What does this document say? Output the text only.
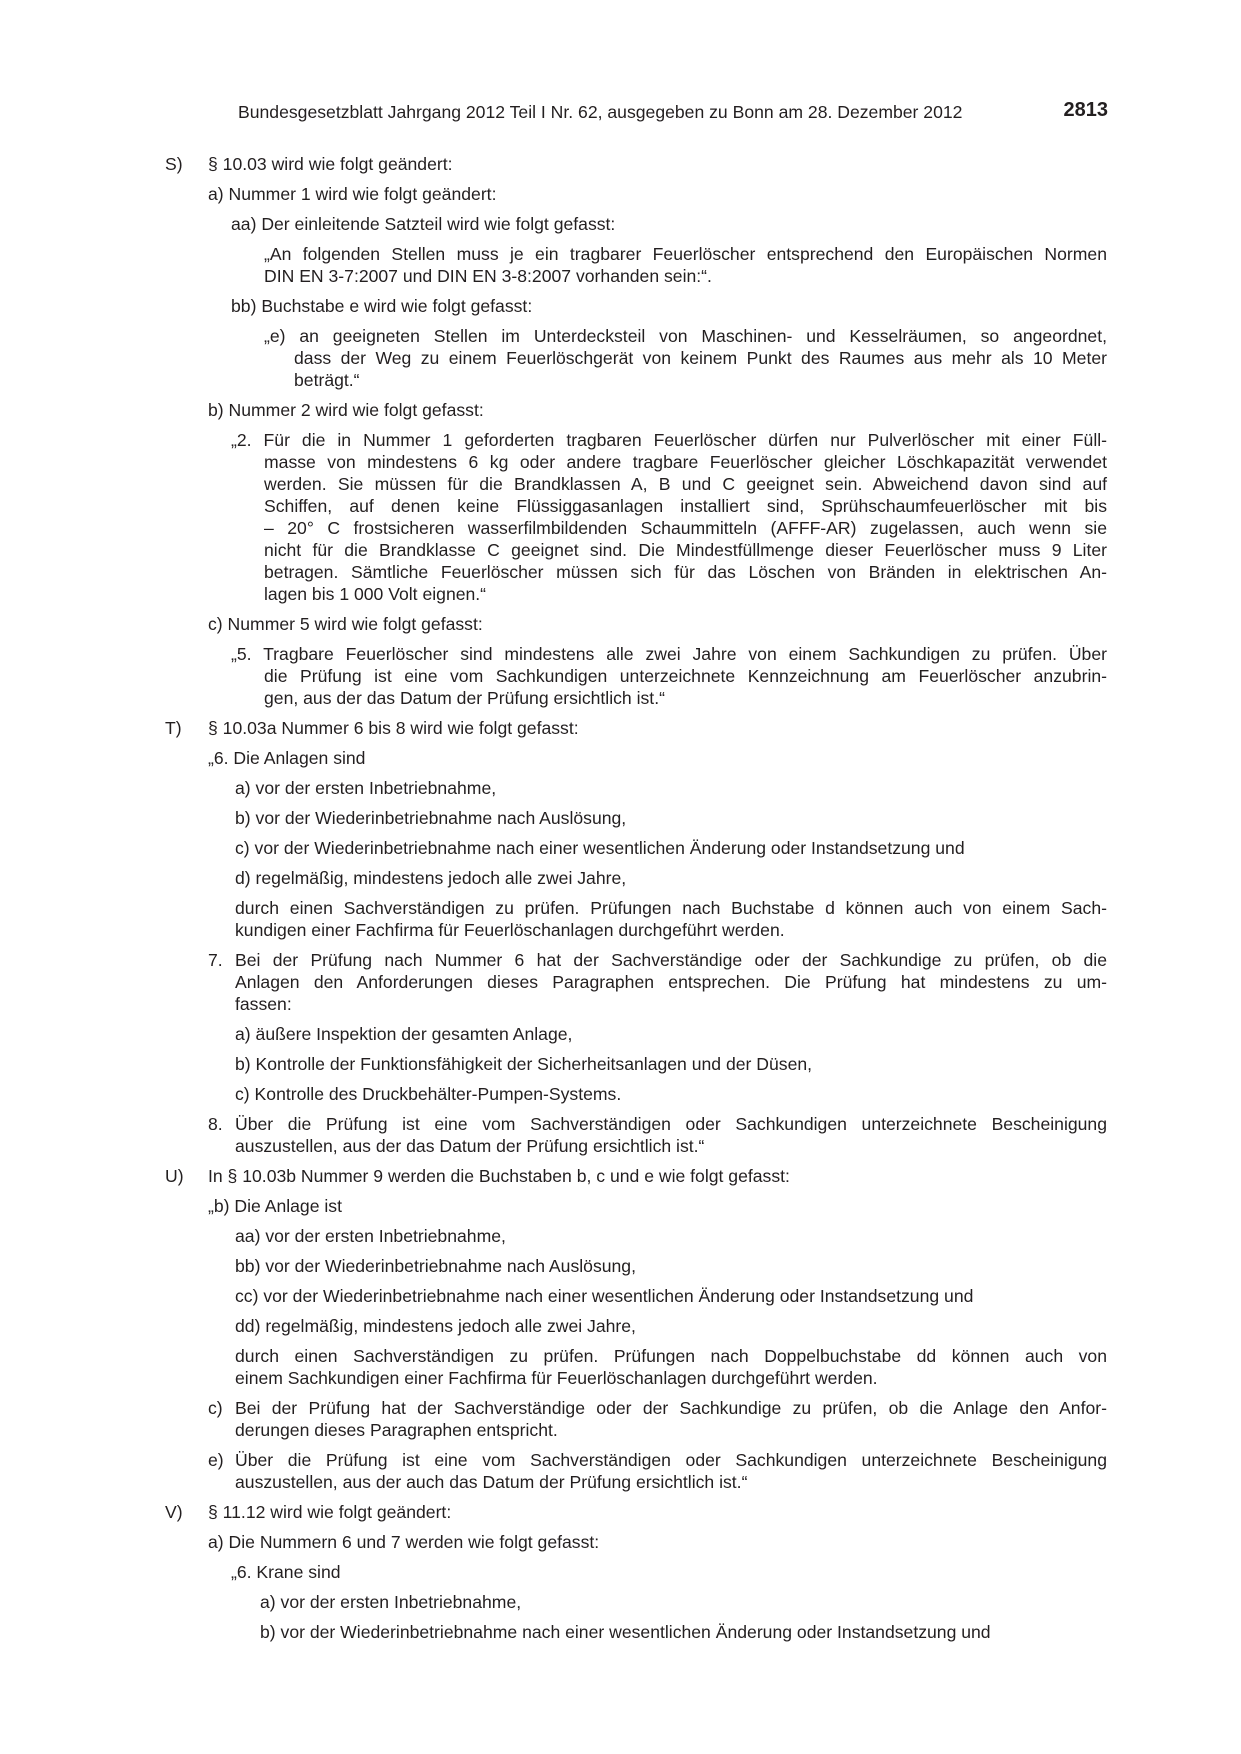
Bundesgesetzblatt Jahrgang 2012 Teil I Nr. 62, ausgegeben zu Bonn am 28. Dezember 2012	2813
S) § 10.03 wird wie folgt geändert:
a) Nummer 1 wird wie folgt geändert:
aa) Der einleitende Satzteil wird wie folgt gefasst:
„An folgenden Stellen muss je ein tragbarer Feuerlöscher entsprechend den Europäischen Normen
DIN EN 3-7:2007 und DIN EN 3-8:2007 vorhanden sein:“.
bb) Buchstabe e wird wie folgt gefasst:
„e) an geeigneten Stellen im Unterdecksteil von Maschinen- und Kesselräumen, so angeordnet,
dass der Weg zu einem Feuerlöschgerät von keinem Punkt des Raumes aus mehr als 10 Meter
beträgt.“
b) Nummer 2 wird wie folgt gefasst:
„2. Für die in Nummer 1 geforderten tragbaren Feuerlöscher dürfen nur Pulverlöscher mit einer Füll-
masse von mindestens 6 kg oder andere tragbare Feuerlöscher gleicher Löschkapazität verwendet
werden. Sie müssen für die Brandklassen A, B und C geeignet sein. Abweichend davon sind auf
Schiffen, auf denen keine Flüssiggasanlagen installiert sind, Sprühschaumfeuerlöscher mit bis
– 20° C frostsicheren wasserfilmbildenden Schaummitteln (AFFF-AR) zugelassen, auch wenn sie
nicht für die Brandklasse C geeignet sind. Die Mindestfüllmenge dieser Feuerlöscher muss 9 Liter
betragen. Sämtliche Feuerlöscher müssen sich für das Löschen von Bränden in elektrischen An-
lagen bis 1 000 Volt eignen.“
c) Nummer 5 wird wie folgt gefasst:
„5. Tragbare Feuerlöscher sind mindestens alle zwei Jahre von einem Sachkundigen zu prüfen. Über
die Prüfung ist eine vom Sachkundigen unterzeichnete Kennzeichnung am Feuerlöscher anzubrin-
gen, aus der das Datum der Prüfung ersichtlich ist.“
T) § 10.03a Nummer 6 bis 8 wird wie folgt gefasst:
„6. Die Anlagen sind
a) vor der ersten Inbetriebnahme,
b) vor der Wiederinbetriebnahme nach Auslösung,
c) vor der Wiederinbetriebnahme nach einer wesentlichen Änderung oder Instandsetzung und
d) regelmäßig, mindestens jedoch alle zwei Jahre,
durch einen Sachverständigen zu prüfen. Prüfungen nach Buchstabe d können auch von einem Sach-
kundigen einer Fachfirma für Feuerlöschanlagen durchgeführt werden.
7. Bei der Prüfung nach Nummer 6 hat der Sachverständige oder der Sachkundige zu prüfen, ob die
Anlagen den Anforderungen dieses Paragraphen entsprechen. Die Prüfung hat mindestens zu um-
fassen:
a) äußere Inspektion der gesamten Anlage,
b) Kontrolle der Funktionsfähigkeit der Sicherheitsanlagen und der Düsen,
c) Kontrolle des Druckbehälter-Pumpen-Systems.
8. Über die Prüfung ist eine vom Sachverständigen oder Sachkundigen unterzeichnete Bescheinigung
auszustellen, aus der das Datum der Prüfung ersichtlich ist.“
U) In § 10.03b Nummer 9 werden die Buchstaben b, c und e wie folgt gefasst:
„b) Die Anlage ist
aa) vor der ersten Inbetriebnahme,
bb) vor der Wiederinbetriebnahme nach Auslösung,
cc) vor der Wiederinbetriebnahme nach einer wesentlichen Änderung oder Instandsetzung und
dd) regelmäßig, mindestens jedoch alle zwei Jahre,
durch einen Sachverständigen zu prüfen. Prüfungen nach Doppelbuchstabe dd können auch von
einem Sachkundigen einer Fachfirma für Feuerlöschanlagen durchgeführt werden.
c) Bei der Prüfung hat der Sachverständige oder der Sachkundige zu prüfen, ob die Anlage den Anfor-
derungen dieses Paragraphen entspricht.
e) Über die Prüfung ist eine vom Sachverständigen oder Sachkundigen unterzeichnete Bescheinigung
auszustellen, aus der auch das Datum der Prüfung ersichtlich ist.“
V) § 11.12 wird wie folgt geändert:
a) Die Nummern 6 und 7 werden wie folgt gefasst:
„6. Krane sind
a) vor der ersten Inbetriebnahme,
b) vor der Wiederinbetriebnahme nach einer wesentlichen Änderung oder Instandsetzung und
